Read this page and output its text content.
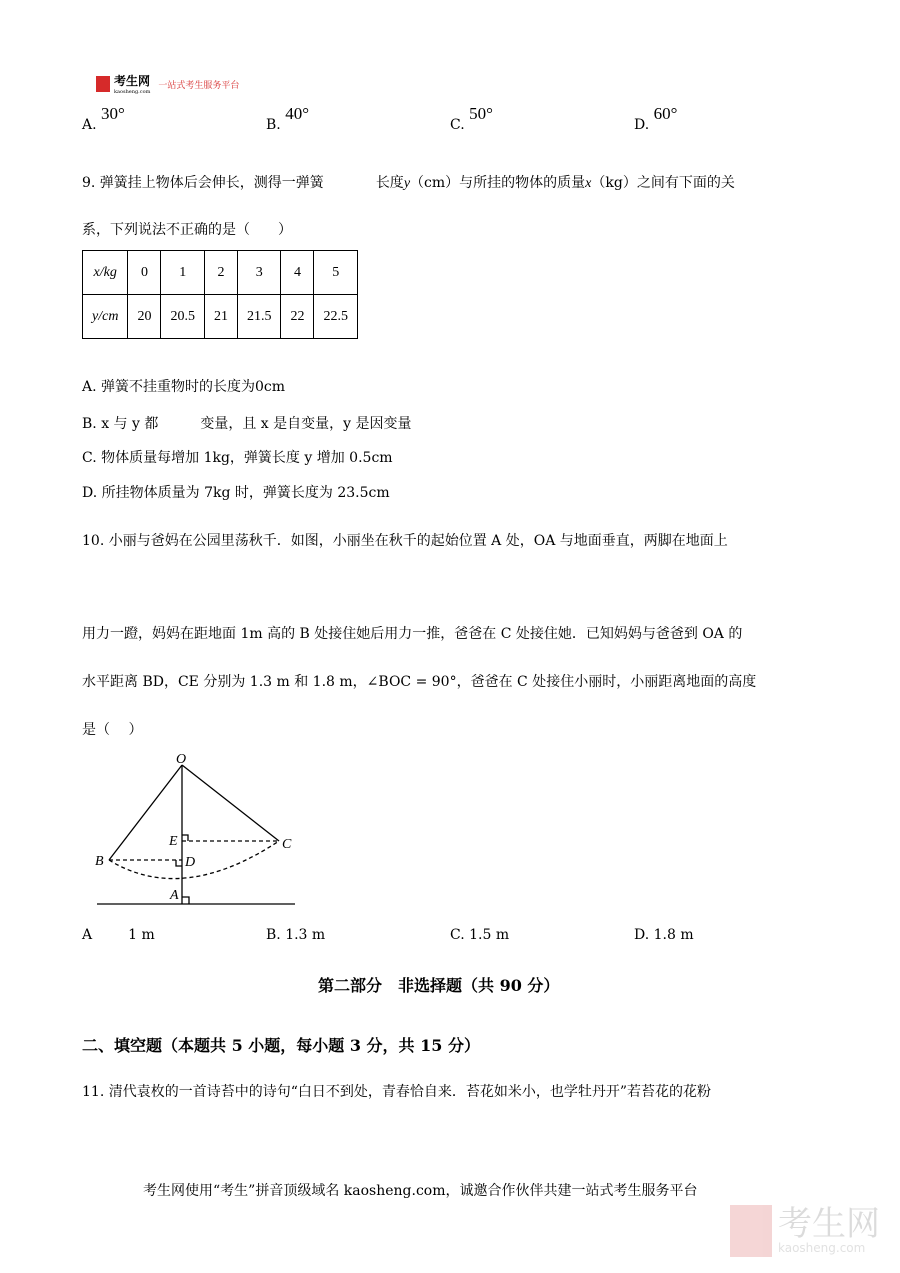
考生网
kaosheng.com
一站式考生服务平台
A. 30°
B. 40°
C. 50°
D. 60°
9. 弹簧挂上物体后会伸长，测得一弹簧	长度y（cm）与所挂的物体的质量x（kg）之间有下面的关
系，下列说法不正确的是（　　）
x/kg	0	1	2	3	4	5
y/cm	20	20.5	21	21.5	22	22.5
A. 弹簧不挂重物时的长度为0cm
B. x 与 y 都　　　变量，且 x 是自变量，y 是因变量
C. 物体质量每增加 1kg，弹簧长度 y 增加 0.5cm
D. 所挂物体质量为 7kg 时，弹簧长度为 23.5cm
10. 小丽与爸妈在公园里荡秋千．如图，小丽坐在秋千的起始位置 A 处，OA 与地面垂直，两脚在地面上
用力一蹬，妈妈在距地面 1m 高的 B 处接住她后用力一推，爸爸在 C 处接住她．已知妈妈与爸爸到 OA 的
水平距离 BD，CE 分别为 1.3 m 和 1.8 m，∠BOC = 90°，爸爸在 C 处接住小丽时，小丽距离地面的高度
是（　 ）
O
A
B
C
D
E
A	1 m	B. 1.3 m	C. 1.5 m	D. 1.8 m
第二部分　非选择题（共 90 分）
二、填空题（本题共 5 小题，每小题 3 分，共 15 分）
11. 清代袁枚的一首诗苔中的诗句“白日不到处，青春恰自来．苔花如米小，也学牡丹开”若苔花的花粉
考生网使用“考生”拼音顶级域名 kaosheng.com，诚邀合作伙伴共建一站式考生服务平台
考生网
kaosheng.com
